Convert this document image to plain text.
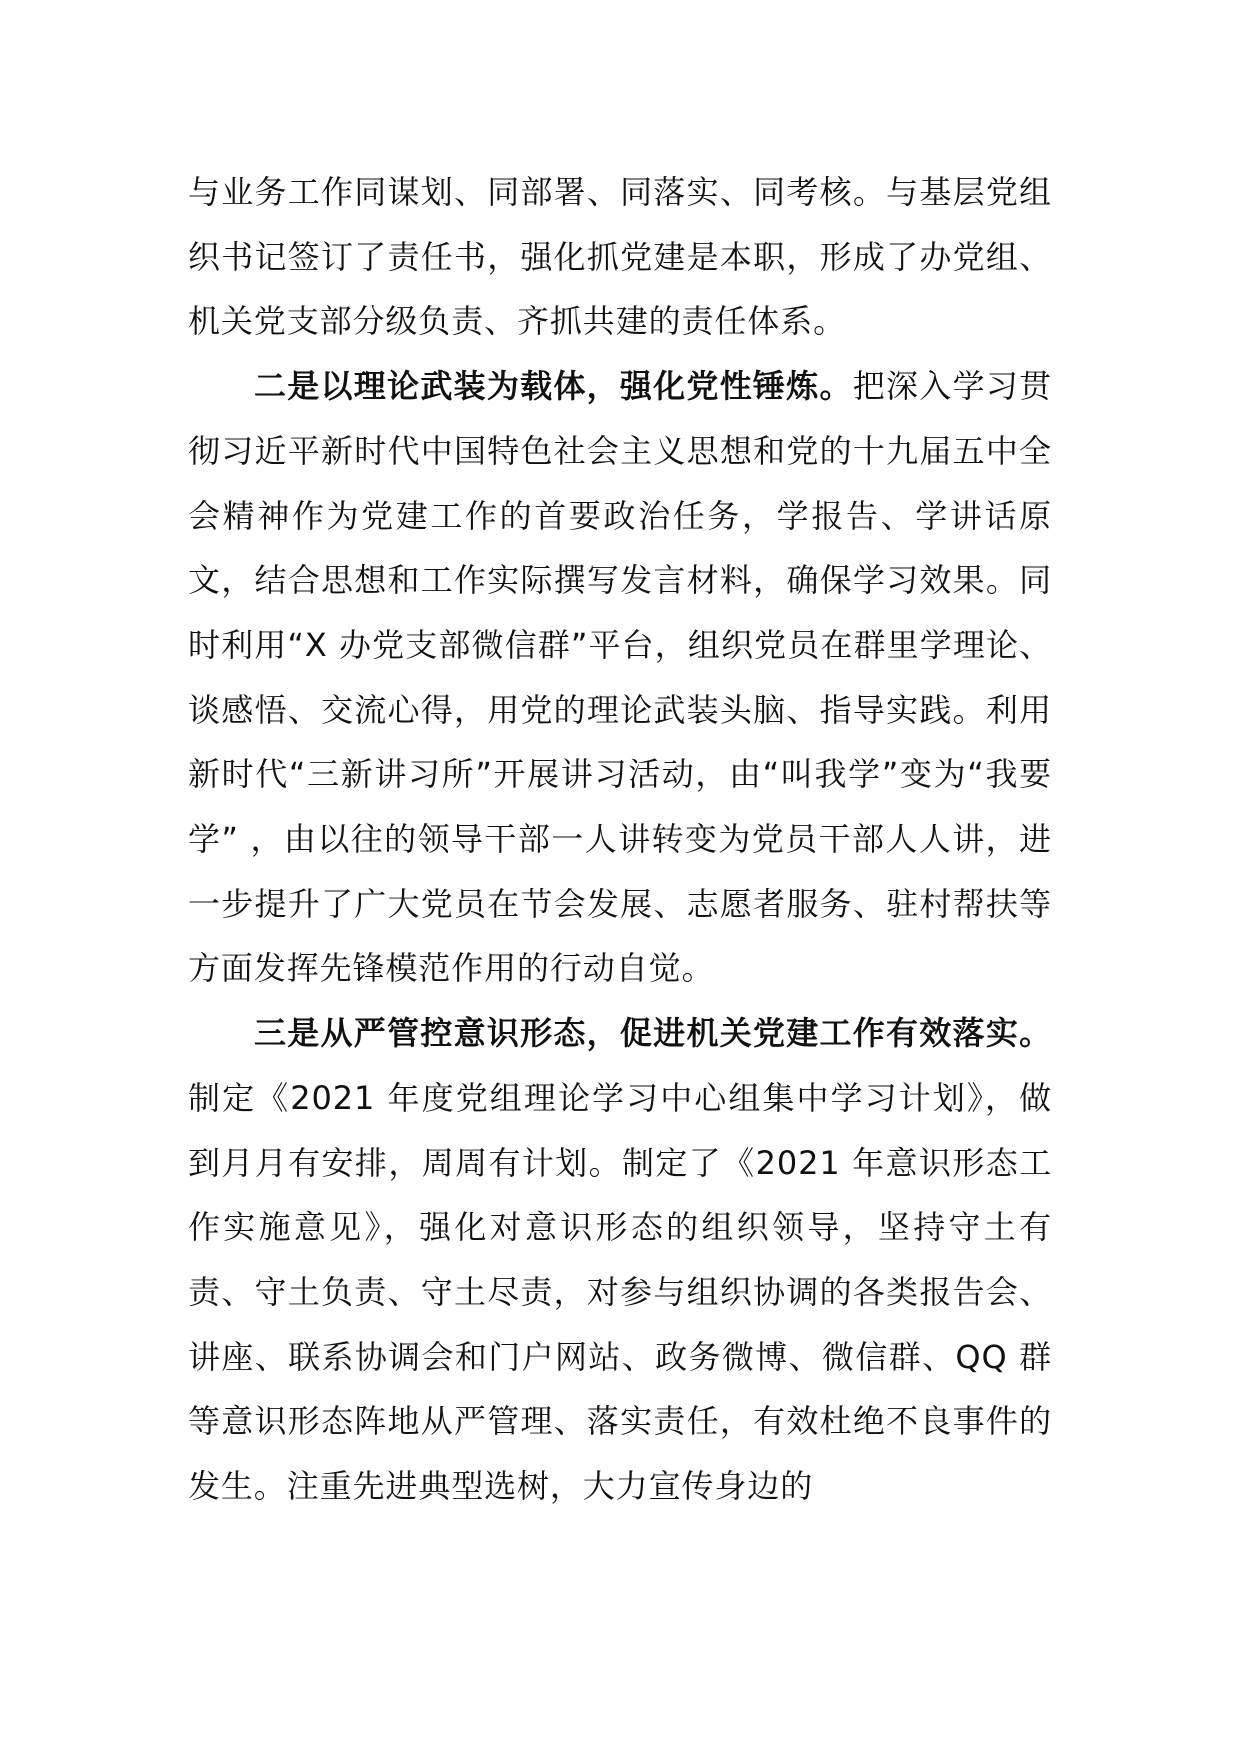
与业务工作同谋划、同部署、同落实、同考核。与基层党组织书记签订了责任书，强化抓党建是本职，形成了办党组、机关党支部分级负责、齐抓共建的责任体系。

二是以理论武装为载体，强化党性锤炼。把深入学习贯彻习近平新时代中国特色社会主义思想和党的十九届五中全会精神作为党建工作的首要政治任务，学报告、学讲话原文，结合思想和工作实际撰写发言材料，确保学习效果。同时利用“X 办党支部微信群”平台，组织党员在群里学理论、谈感悟、交流心得，用党的理论武装头脑、指导实践。利用新时代“三新讲习所”开展讲习活动，由“叫我学”变为“我要学” ，由以往的领导干部一人讲转变为党员干部人人讲，进一步提升了广大党员在节会发展、志愿者服务、驻村帮扶等方面发挥先锋模范作用的行动自觉。

三是从严管控意识形态，促进机关党建工作有效落实。制定《2021 年度党组理论学习中心组集中学习计划》，做到月月有安排，周周有计划。制定了《2021 年意识形态工作实施意见》，强化对意识形态的组织领导，坚持守土有责、守土负责、守土尽责，对参与组织协调的各类报告会、讲座、联系协调会和门户网站、政务微博、微信群、QQ 群等意识形态阵地从严管理、落实责任，有效杜绝不良事件的发生。注重先进典型选树，大力宣传身边的
